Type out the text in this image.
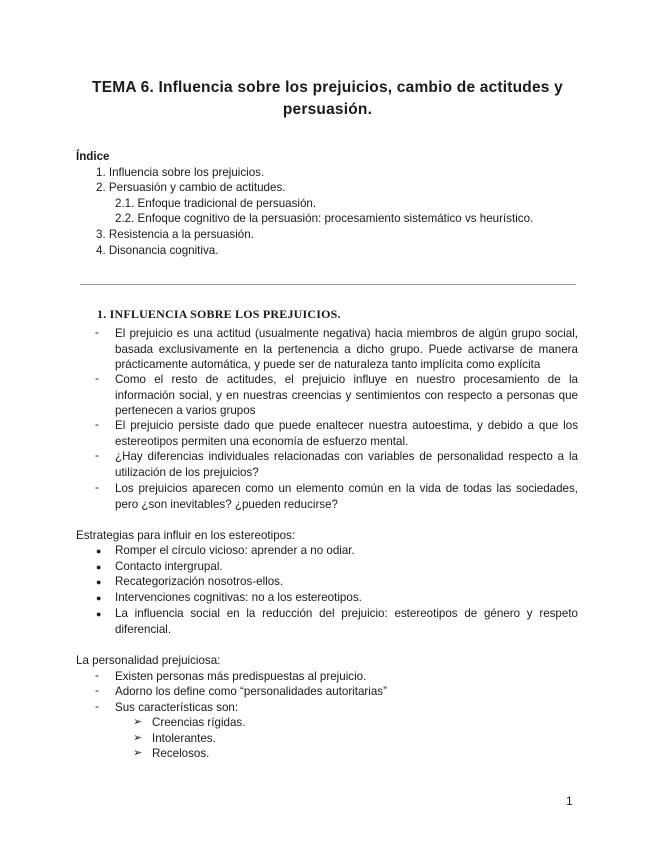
TEMA 6. Influencia sobre los prejuicios, cambio de actitudes y persuasión.
Índice
1. Influencia sobre los prejuicios.
2. Persuasión y cambio de actitudes.
2.1. Enfoque tradicional de persuasión.
2.2. Enfoque cognitivo de la persuasión: procesamiento sistemático vs heurístico.
3. Resistencia a la persuasión.
4. Disonancia cognitiva.
1. INFLUENCIA SOBRE LOS PREJUICIOS.
- El prejuicio es una actitud (usualmente negativa) hacia miembros de algún grupo social,
basada exclusivamente en la pertenencia a dicho grupo. Puede activarse de manera
prácticamente automática, y puede ser de naturaleza tanto implícita como explícita
- Como el resto de actitudes, el prejuicio influye en nuestro procesamiento de la
información social, y en nuestras creencias y sentimientos con respecto a personas que
pertenecen a varios grupos
- El prejuicio persiste dado que puede enaltecer nuestra autoestima, y debido a que los
estereotipos permiten una economía de esfuerzo mental.
- ¿Hay diferencias individuales relacionadas con variables de personalidad respecto a la
utilización de los prejuicios?
- Los prejuicios aparecen como un elemento común en la vida de todas las sociedades,
pero ¿son inevitables? ¿pueden reducirse?
Estrategias para influir en los estereotipos:
● Romper el círculo vicioso: aprender a no odiar.
● Contacto intergrupal.
● Recategorización nosotros-ellos.
● Intervenciones cognitivas: no a los estereotipos.
● La influencia social en la reducción del prejuicio: estereotipos de género y respeto
diferencial.
La personalidad prejuiciosa:
- Existen personas más predispuestas al prejuicio.
- Adorno los define como “personalidades autoritarias”
- Sus características son:
➢ Creencias rígidas.
➢ Intolerantes.
➢ Recelosos.
1
